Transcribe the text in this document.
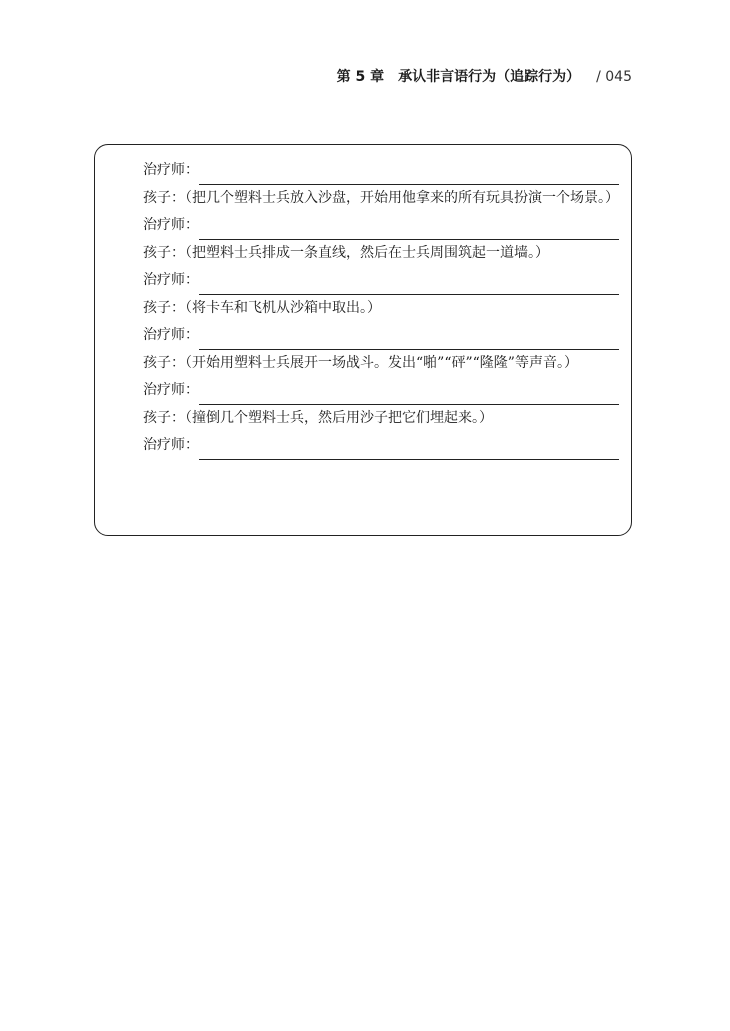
第 5 章 承认非言语行为（追踪行为） / 045
治疗师：
孩子：（把几个塑料士兵放入沙盘，开始用他拿来的所有玩具扮演一个场景。）
治疗师：
孩子：（把塑料士兵排成一条直线，然后在士兵周围筑起一道墙。）
治疗师：
孩子：（将卡车和飞机从沙箱中取出。）
治疗师：
孩子：（开始用塑料士兵展开一场战斗。发出“啪”“砰”“隆隆”等声音。）
治疗师：
孩子：（撞倒几个塑料士兵，然后用沙子把它们埋起来。）
治疗师：
